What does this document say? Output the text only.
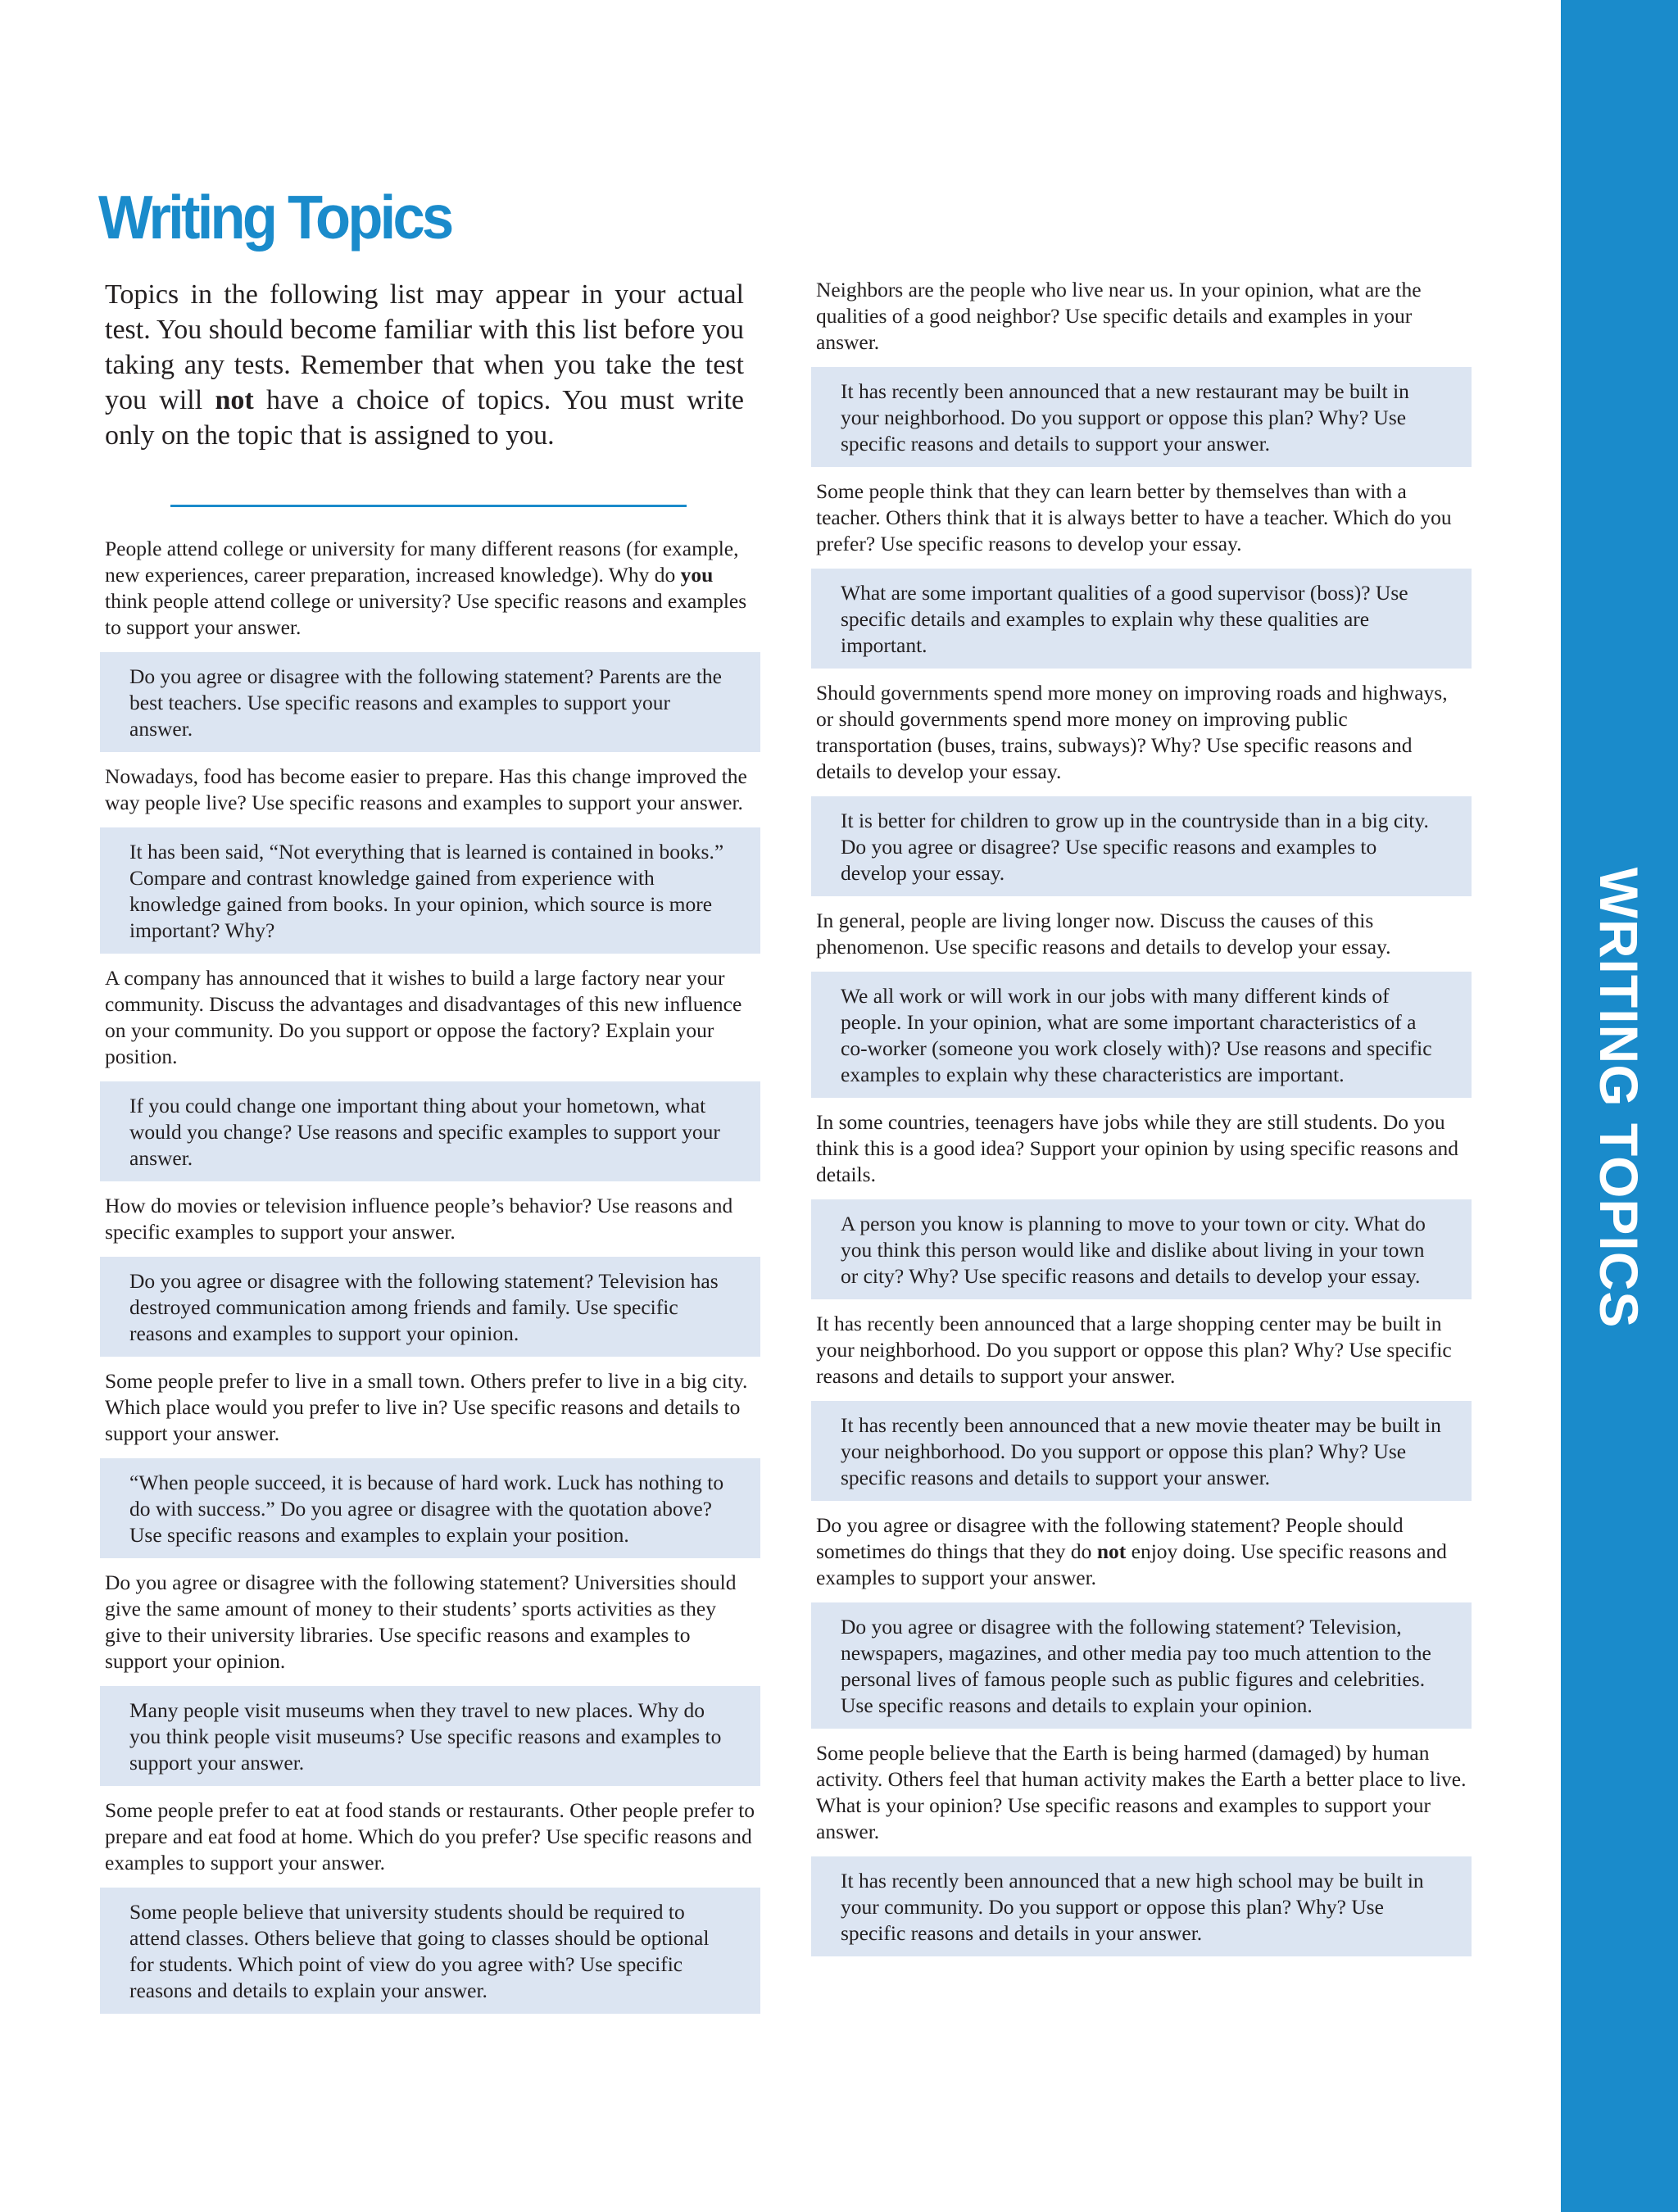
WRITING TOPICS
Writing Topics

Topics in the following list may appear in your actual test. You should become familiar with this list before you taking any tests. Remember that when you take the test you will not have a choice of topics. You must write only on the topic that is assigned to you.

People attend college or university for many different reasons (for example, new experiences, career preparation, increased knowledge). Why do you think people attend college or university? Use specific reasons and examples to support your answer.

Do you agree or disagree with the following statement? Parents are the best teachers. Use specific reasons and examples to support your answer.

Nowadays, food has become easier to prepare. Has this change improved the way people live? Use specific reasons and examples to support your answer.

It has been said, “Not everything that is learned is contained in books.” Compare and contrast knowledge gained from experience with knowledge gained from books. In your opinion, which source is more important? Why?

A company has announced that it wishes to build a large factory near your community. Discuss the advantages and disadvantages of this new influence on your community. Do you support or oppose the factory? Explain your position.

If you could change one important thing about your hometown, what would you change? Use reasons and specific examples to support your answer.

How do movies or television influence people’s behavior? Use reasons and specific examples to support your answer.

Do you agree or disagree with the following statement? Television has destroyed communication among friends and family. Use specific reasons and examples to support your opinion.

Some people prefer to live in a small town. Others prefer to live in a big city. Which place would you prefer to live in? Use specific reasons and details to support your answer.

“When people succeed, it is because of hard work. Luck has nothing to do with success.” Do you agree or disagree with the quotation above? Use specific reasons and examples to explain your position.

Do you agree or disagree with the following statement? Universities should give the same amount of money to their students’ sports activities as they give to their university libraries. Use specific reasons and examples to support your opinion.

Many people visit museums when they travel to new places. Why do you think people visit museums? Use specific reasons and examples to support your answer.

Some people prefer to eat at food stands or restaurants. Other people prefer to prepare and eat food at home. Which do you prefer? Use specific reasons and examples to support your answer.

Some people believe that university students should be required to attend classes. Others believe that going to classes should be optional for students. Which point of view do you agree with? Use specific reasons and details to explain your answer.

Neighbors are the people who live near us. In your opinion, what are the qualities of a good neighbor? Use specific details and examples in your answer.

It has recently been announced that a new restaurant may be built in your neighborhood. Do you support or oppose this plan? Why? Use specific reasons and details to support your answer.

Some people think that they can learn better by themselves than with a teacher. Others think that it is always better to have a teacher. Which do you prefer? Use specific reasons to develop your essay.

What are some important qualities of a good supervisor (boss)? Use specific details and examples to explain why these qualities are important.

Should governments spend more money on improving roads and highways, or should governments spend more money on improving public transportation (buses, trains, subways)? Why? Use specific reasons and details to develop your essay.

It is better for children to grow up in the countryside than in a big city. Do you agree or disagree? Use specific reasons and examples to develop your essay.

In general, people are living longer now. Discuss the causes of this phenomenon. Use specific reasons and details to develop your essay.

We all work or will work in our jobs with many different kinds of people. In your opinion, what are some important characteristics of a co-worker (someone you work closely with)? Use reasons and specific examples to explain why these characteristics are important.

In some countries, teenagers have jobs while they are still students. Do you think this is a good idea? Support your opinion by using specific reasons and details.

A person you know is planning to move to your town or city. What do you think this person would like and dislike about living in your town or city? Why? Use specific reasons and details to develop your essay.

It has recently been announced that a large shopping center may be built in your neighborhood. Do you support or oppose this plan? Why? Use specific reasons and details to support your answer.

It has recently been announced that a new movie theater may be built in your neighborhood. Do you support or oppose this plan? Why? Use specific reasons and details to support your answer.

Do you agree or disagree with the following statement? People should sometimes do things that they do not enjoy doing. Use specific reasons and examples to support your answer.

Do you agree or disagree with the following statement? Television, newspapers, magazines, and other media pay too much attention to the personal lives of famous people such as public figures and celebrities. Use specific reasons and details to explain your opinion.

Some people believe that the Earth is being harmed (damaged) by human activity. Others feel that human activity makes the Earth a better place to live. What is your opinion? Use specific reasons and examples to support your answer.

It has recently been announced that a new high school may be built in your community. Do you support or oppose this plan? Why? Use specific reasons and details in your answer.
